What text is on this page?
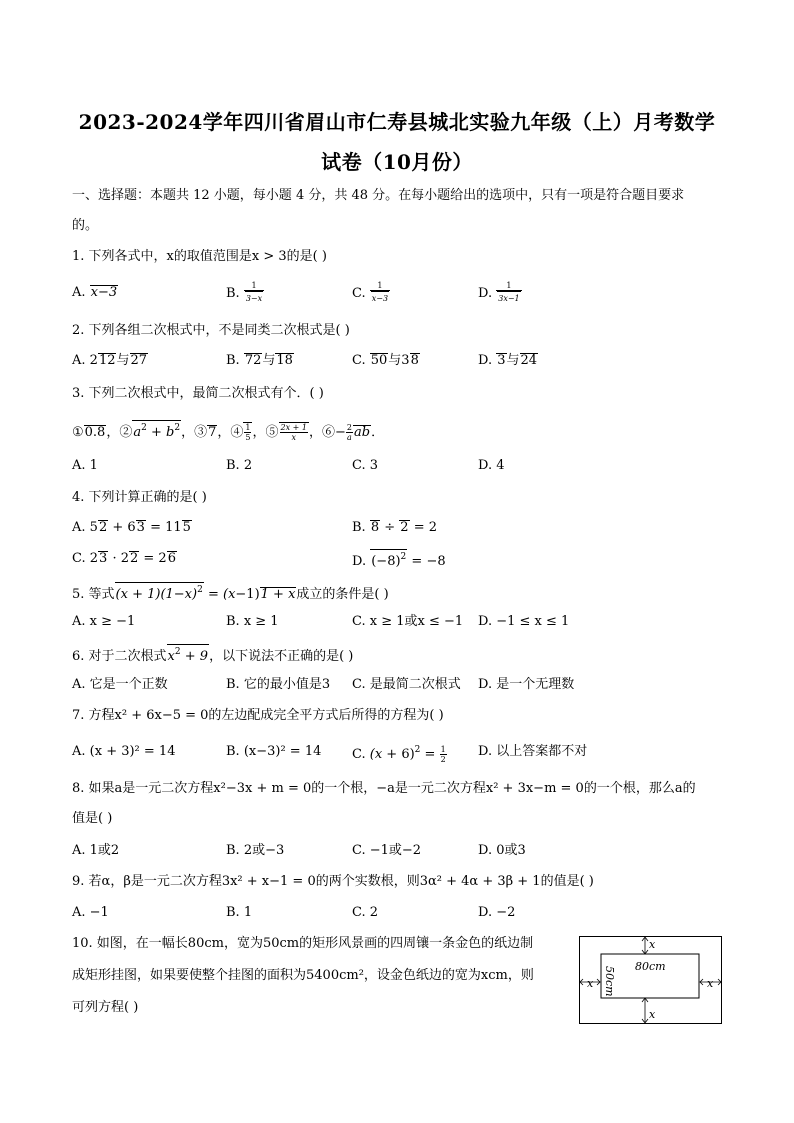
2023-2024学年四川省眉山市仁寿县城北实验九年级（上）月考数学
试卷（10月份）
一、选择题：本题共 12 小题，每小题 4 分，共 48 分。在每小题给出的选项中，只有一项是符合题目要求
的。
1. 下列各式中，x的取值范围是x > 3的是( )
A. x−3	B. $\frac{1}{3-x}$	C. $\frac{1}{x-3}$	D. $\frac{1}{3x-1}$
2. 下列各组二次根式中，不是同类二次根式是( )
A. 212与27	B. 72与18	C. 50与38	D. 3与24
3. 下列二次根式中，最简二次根式有个．( )
①0.8，$②a^2 + b^2$，③7，④ $\frac{1}{5}$ ，⑤ $\frac{2x + 1}{x}$ ，⑥− $\frac{2}{a}$ ab．
A. 1	B. 2	C. 3	D. 4
4. 下列计算正确的是( )
A. 52 + 63 = 115	B. 8 ÷ 2 = 2
C. 23 · 22 = 26	D. $(-8)^2 = -8$
5. 等式$(x + 1)(1-x)^2 = (x-1)1 + x$成立的条件是( )
A. x ≥ −1	B. x ≥ 1	C. x ≥ 1或x ≤ −1 D. −1 ≤ x ≤ 1
6. 对于二次根式$x^2 + 9$，以下说法不正确的是( )
A. 它是一个正数	B. 它的最小值是3 C. 是最简二次根式 D. 是一个无理数
7. 方程x² + 6x−5 = 0的左边配成完全平方式后所得的方程为( )
A. (x + 3)² = 14	B. (x−3)² = 14 C. $(x + 6)^2 = \frac{1}{2} D$. 以上答案都不对
8. 如果a是一元二次方程x²−3x + m = 0的一个根，−a是一元二次方程x² + 3x−m = 0的一个根，那么a的
值是( )
A. 1或2	B. 2或−3	C. −1或−2	D. 0或3
9. 若α，β是一元二次方程3x² + x−1 = 0的两个实数根，则3α² + 4α + 3β + 1的值是( )
A. −1	B. 1	C. 2	D. −2
10. 如图，在一幅长80cm，宽为50cm的矩形风景画的四周镶一条金色的纸边制
成矩形挂图，如果要使整个挂图的面积为5400cm²，设金色纸边的宽为xcm，则
可列方程( )
80cm
50cm
x
x
x	x
